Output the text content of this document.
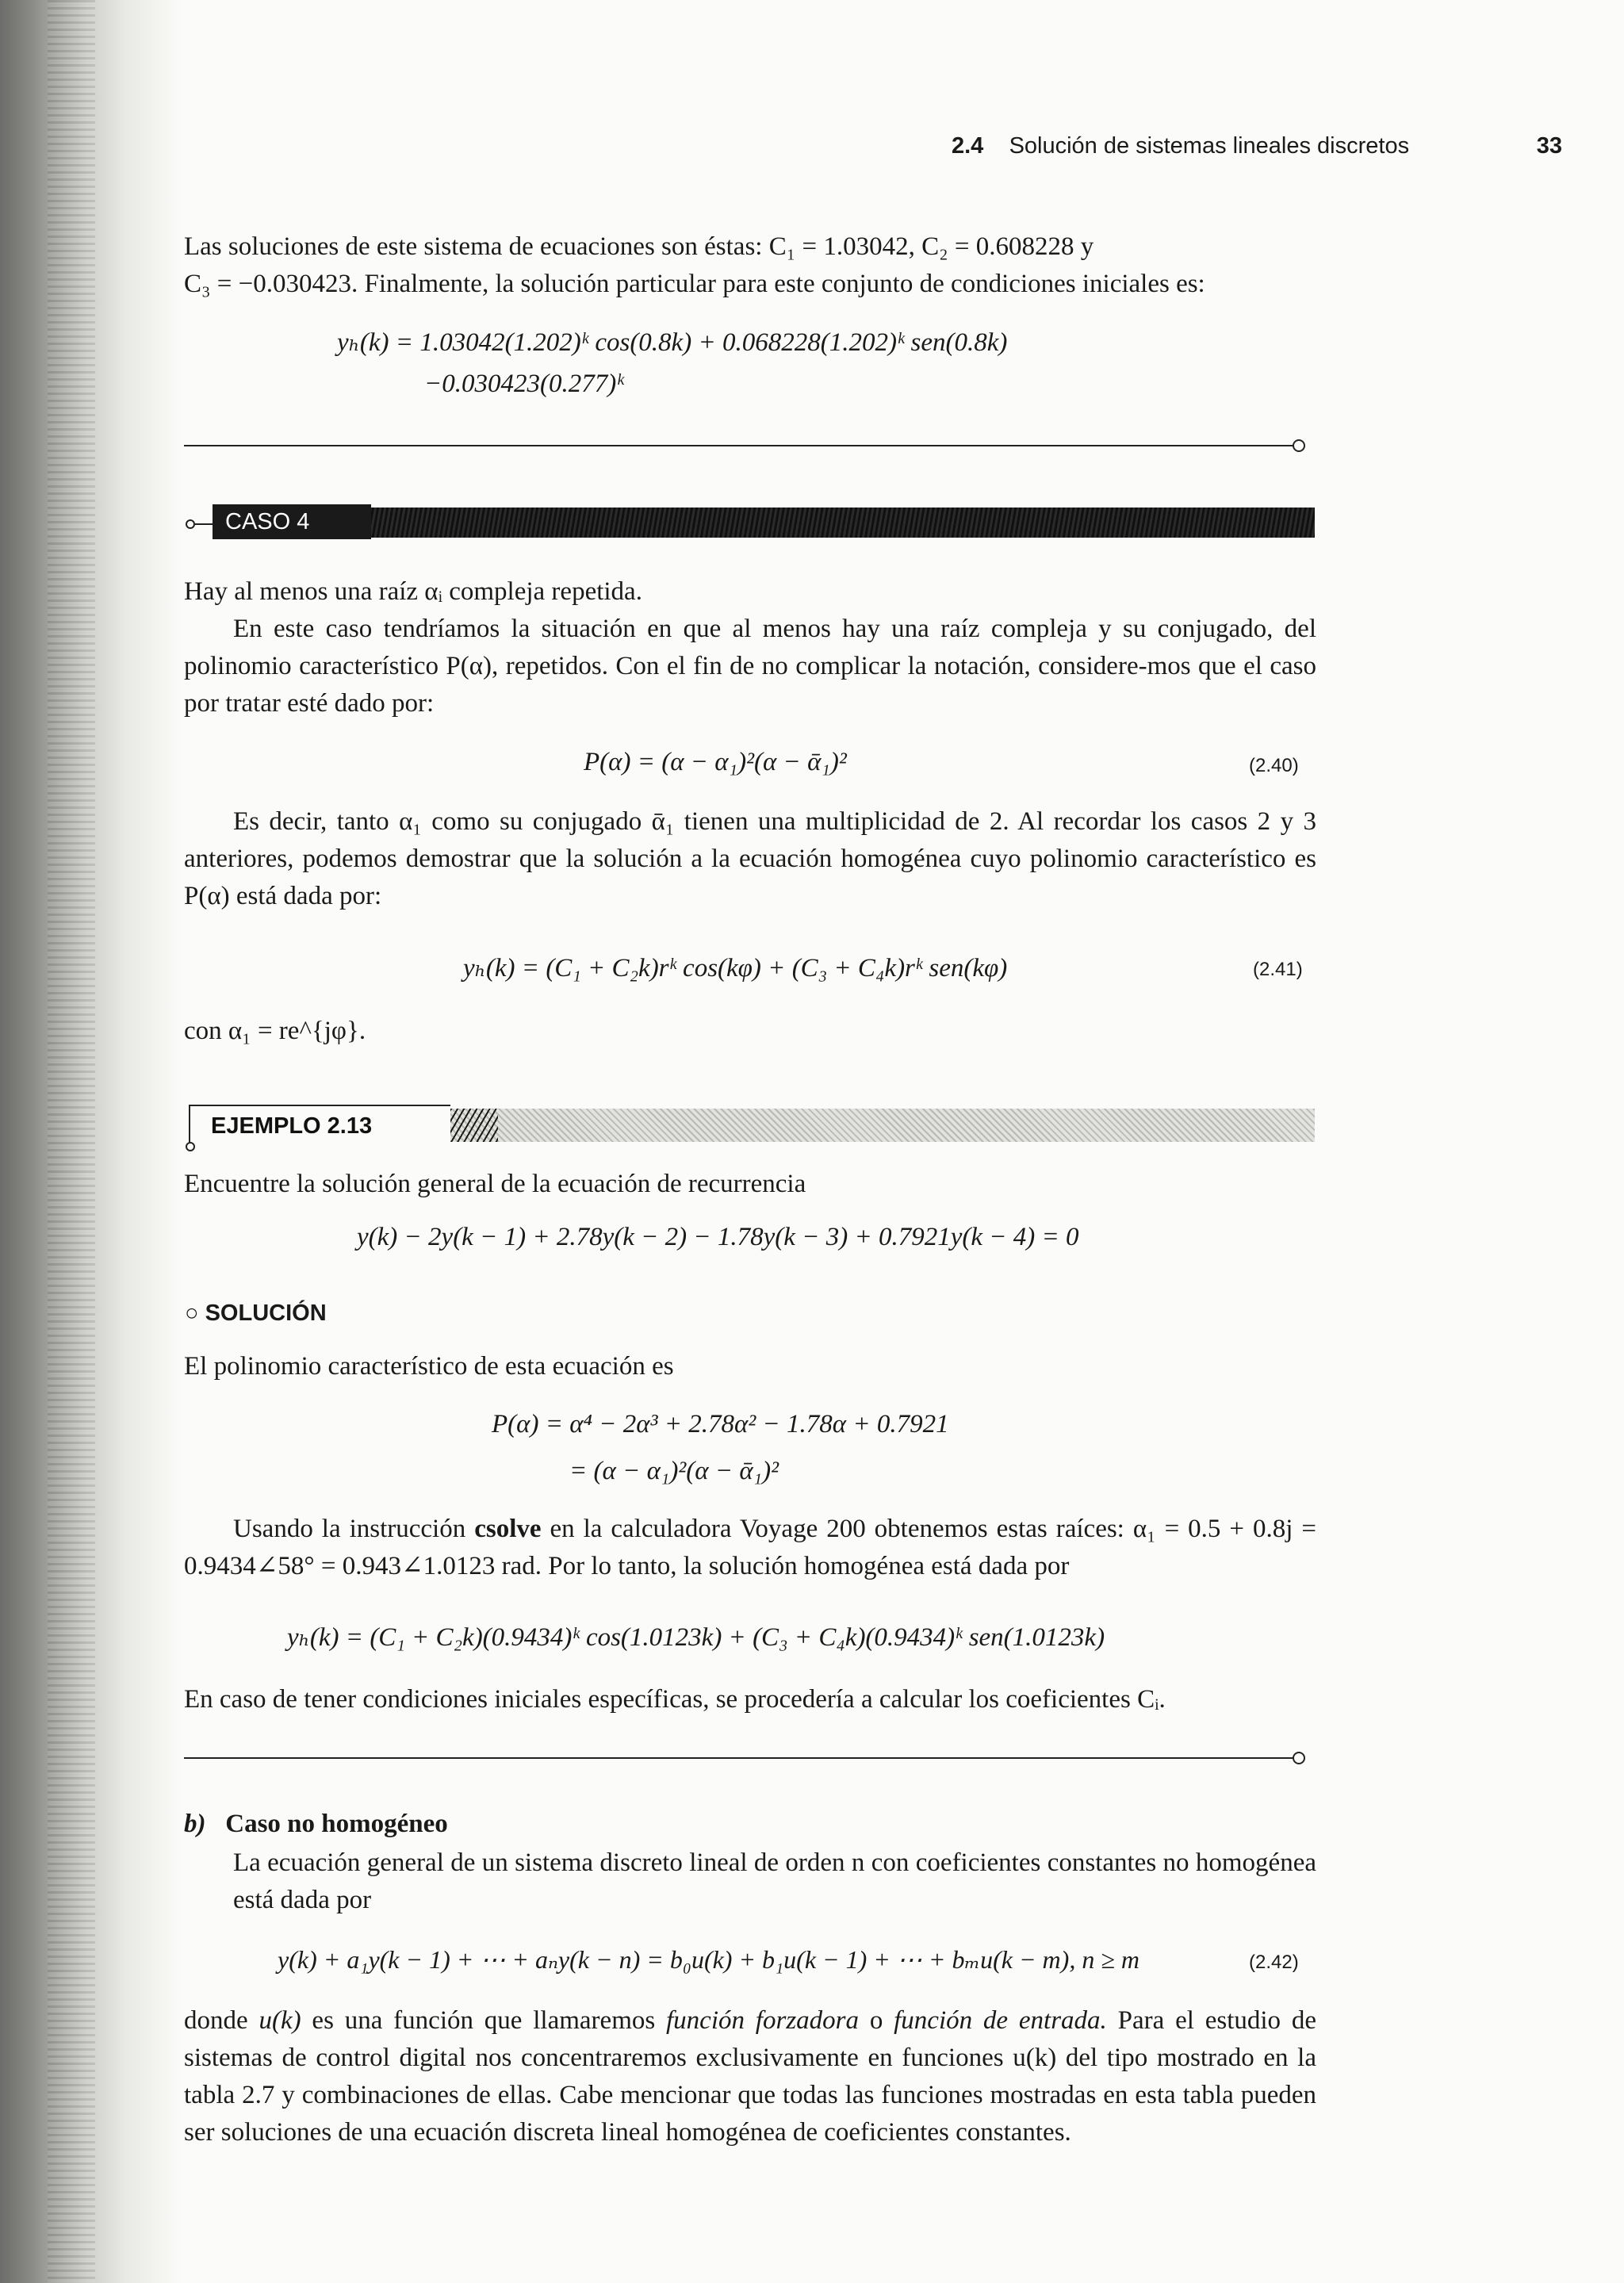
2.4 Solución de sistemas lineales discretos	33
Las soluciones de este sistema de ecuaciones son éstas: C₁ = 1.03042, C₂ = 0.608228 y
C₃ = −0.030423. Finalmente, la solución particular para este conjunto de condiciones iniciales es:
yₕ(k) = 1.03042(1.202)ᵏ cos(0.8k) + 0.068228(1.202)ᵏ sen(0.8k)
−0.030423(0.277)ᵏ
CASO 4
Hay al menos una raíz αᵢ compleja repetida.
En este caso tendríamos la situación en que al menos hay una raíz compleja y su conjugado, del polinomio característico P(α), repetidos. Con el fin de no complicar la notación, considere-mos que el caso por tratar esté dado por:
P(α) = (α − α₁)²(α − ᾱ₁)²	(2.40)
Es decir, tanto α₁ como su conjugado ᾱ₁ tienen una multiplicidad de 2. Al recordar los casos 2 y 3 anteriores, podemos demostrar que la solución a la ecuación homogénea cuyo polinomio característico es P(α) está dada por:
yₕ(k) = (C₁ + C₂k)rᵏ cos(kφ) + (C₃ + C₄k)rᵏ sen(kφ)	(2.41)
con α₁ = re^{jφ}.
EJEMPLO 2.13
Encuentre la solución general de la ecuación de recurrencia
y(k) − 2y(k − 1) + 2.78y(k − 2) − 1.78y(k − 3) + 0.7921y(k − 4) = 0
○ SOLUCIÓN
El polinomio característico de esta ecuación es
P(α) = α⁴ − 2α³ + 2.78α² − 1.78α + 0.7921
= (α − α₁)²(α − ᾱ₁)²
Usando la instrucción csolve en la calculadora Voyage 200 obtenemos estas raíces: α₁ = 0.5 + 0.8j = 0.9434∠58° = 0.943∠1.0123 rad. Por lo tanto, la solución homogénea está dada por
yₕ(k) = (C₁ + C₂k)(0.9434)ᵏ cos(1.0123k) + (C₃ + C₄k)(0.9434)ᵏ sen(1.0123k)
En caso de tener condiciones iniciales específicas, se procedería a calcular los coeficientes Cᵢ.
b) Caso no homogéneo
La ecuación general de un sistema discreto lineal de orden n con coeficientes constantes no homogénea está dada por
y(k) + a₁y(k − 1) + ⋯ + aₙy(k − n) = b₀u(k) + b₁u(k − 1) + ⋯ + bₘu(k − m), n ≥ m	(2.42)
donde u(k) es una función que llamaremos función forzadora o función de entrada. Para el estudio de sistemas de control digital nos concentraremos exclusivamente en funciones u(k) del tipo mostrado en la tabla 2.7 y combinaciones de ellas. Cabe mencionar que todas las funciones mostradas en esta tabla pueden ser soluciones de una ecuación discreta lineal homogénea de coeficientes constantes.
